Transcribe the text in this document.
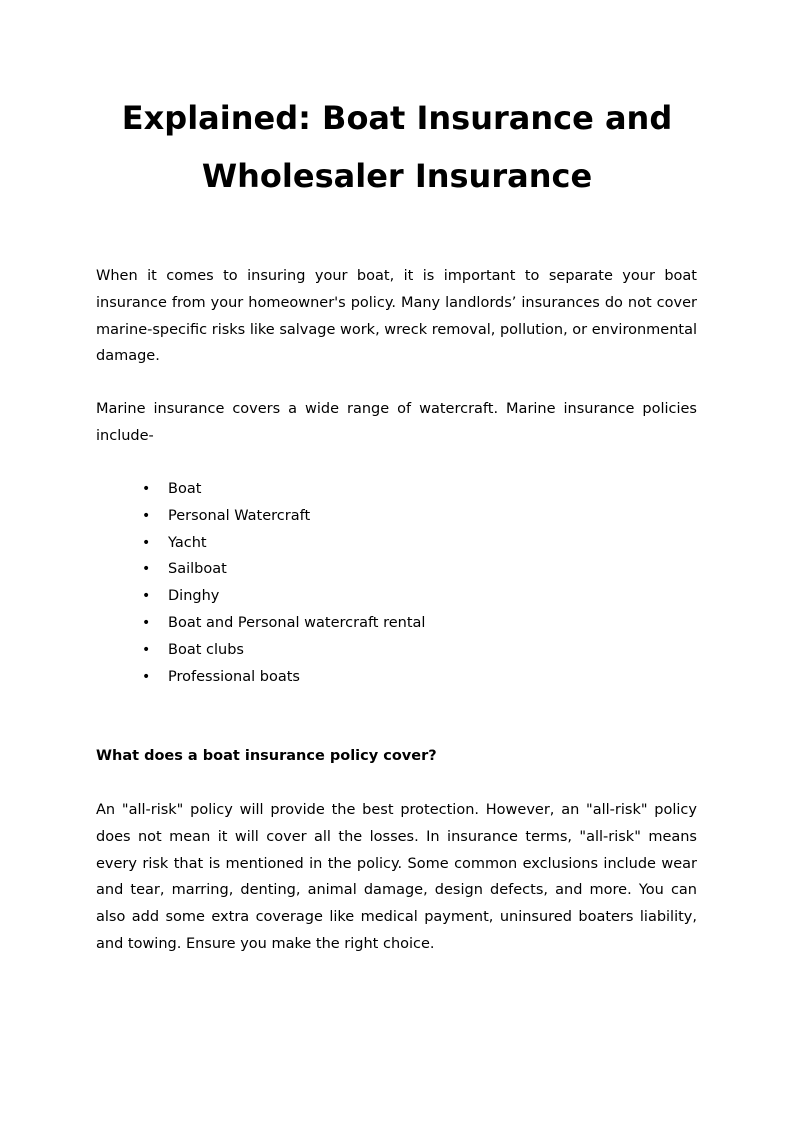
Explained: Boat Insurance and
Wholesaler Insurance

When it comes to insuring your boat, it is important to separate your boat insurance from your homeowner's policy. Many landlords’ insurances do not cover marine-specific risks like salvage work, wreck removal, pollution, or environmental damage.

Marine insurance covers a wide range of watercraft. Marine insurance policies include-

• Boat
• Personal Watercraft
• Yacht
• Sailboat
• Dinghy
• Boat and Personal watercraft rental
• Boat clubs
• Professional boats
What does a boat insurance policy cover?

An "all-risk" policy will provide the best protection. However, an "all-risk" policy does not mean it will cover all the losses. In insurance terms, "all-risk" means every risk that is mentioned in the policy. Some common exclusions include wear and tear, marring, denting, animal damage, design defects, and more. You can also add some extra coverage like medical payment, uninsured boaters liability, and towing. Ensure you make the right choice.
